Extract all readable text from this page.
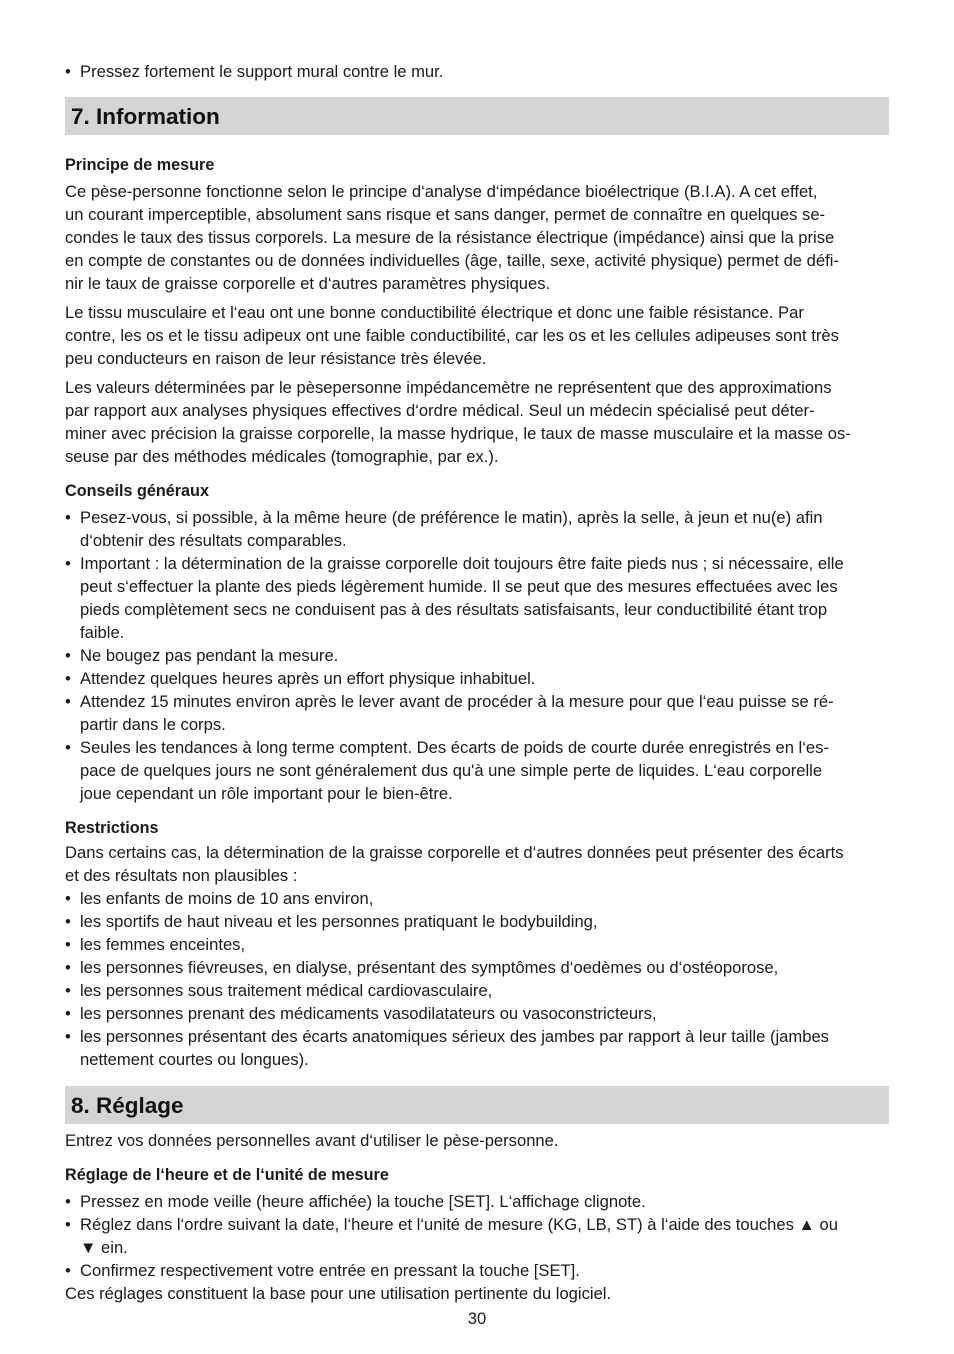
• Pressez fortement le support mural contre le mur.
7. Information
Principe de mesure

Ce pèse-personne fonctionne selon le principe d‘analyse d‘impédance bioélectrique (B.I.A). A cet effet,
un courant imperceptible, absolument sans risque et sans danger, permet de connaître en quelques se-
condes le taux des tissus corporels. La mesure de la résistance électrique (impédance) ainsi que la prise
en compte de constantes ou de données individuelles (âge, taille, sexe, activité physique) permet de défi-
nir le taux de graisse corporelle et d‘autres paramètres physiques.

Le tissu musculaire et l‘eau ont une bonne conductibilité électrique et donc une faible résistance. Par
contre, les os et le tissu adipeux ont une faible conductibilité, car les os et les cellules adipeuses sont très
peu conducteurs en raison de leur résistance très élevée.

Les valeurs déterminées par le pèsepersonne impédancemètre ne représentent que des approximations
par rapport aux analyses physiques effectives d‘ordre médical. Seul un médecin spécialisé peut déter-
miner avec précision la graisse corporelle, la masse hydrique, le taux de masse musculaire et la masse os-
seuse par des méthodes médicales (tomographie, par ex.).

Conseils généraux
• Pesez-vous, si possible, à la même heure (de préférence le matin), après la selle, à jeun et nu(e) afin
d‘obtenir des résultats comparables.
• Important : la détermination de la graisse corporelle doit toujours être faite pieds nus ; si nécessaire, elle
peut s‘effectuer la plante des pieds légèrement humide. Il se peut que des mesures effectuées avec les
pieds complètement secs ne conduisent pas à des résultats satisfaisants, leur conductibilité étant trop
faible.
• Ne bougez pas pendant la mesure.
• Attendez quelques heures après un effort physique inhabituel.
• Attendez 15 minutes environ après le lever avant de procéder à la mesure pour que l‘eau puisse se ré-
partir dans le corps.
• Seules les tendances à long terme comptent. Des écarts de poids de courte durée enregistrés en l‘es-
pace de quelques jours ne sont généralement dus qu'à une simple perte de liquides. L‘eau corporelle
joue cependant un rôle important pour le bien-être.
Restrictions

Dans certains cas, la détermination de la graisse corporelle et d‘autres données peut présenter des écarts
et des résultats non plausibles :

• les enfants de moins de 10 ans environ,
• les sportifs de haut niveau et les personnes pratiquant le bodybuilding,
• les femmes enceintes,
• les personnes fiévreuses, en dialyse, présentant des symptômes d‘oedèmes ou d‘ostéoporose,
• les personnes sous traitement médical cardiovasculaire,
• les personnes prenant des médicaments vasodilatateurs ou vasoconstricteurs,
• les personnes présentant des écarts anatomiques sérieux des jambes par rapport à leur taille (jambes
nettement courtes ou longues).
8. Réglage

Entrez vos données personnelles avant d‘utiliser le pèse-personne.

Réglage de l‘heure et de l‘unité de mesure
• Pressez en mode veille (heure affichée) la touche [SET]. L‘affichage clignote.
• Réglez dans l‘ordre suivant la date, l‘heure et l‘unité de mesure (KG, LB, ST) à l‘aide des touches ▲ ou
▼ ein.
• Confirmez respectivement votre entrée en pressant la touche [SET].

Ces réglages constituent la base pour une utilisation pertinente du logiciel.

30
